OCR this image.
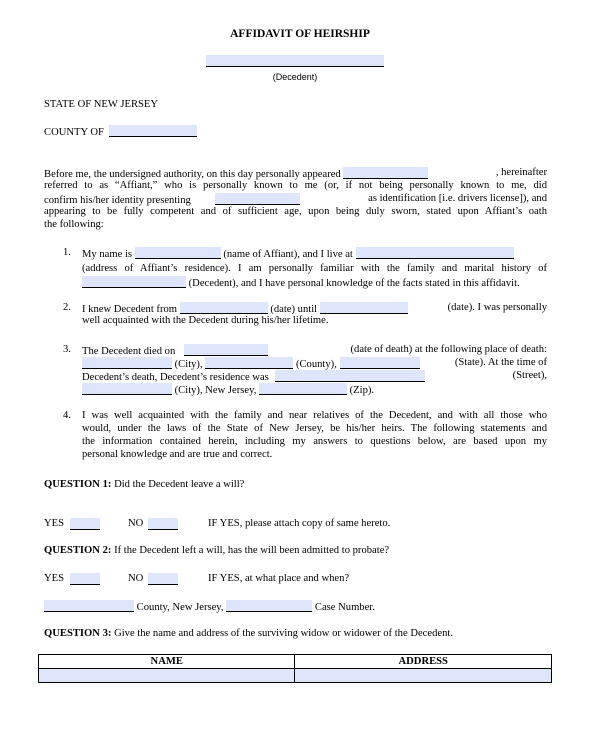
AFFIDAVIT OF HEIRSHIP
(Decedent)
STATE OF NEW JERSEY
COUNTY OF
Before me, the undersigned authority, on this day personally appeared	, hereinafter
referred to as “Affiant,” who is personally known to me (or, if not being personally known to me, did
confirm his/her identity presenting	as identification [i.e. drivers license]), and
appearing to be fully competent and of sufficient age, upon being duly sworn, stated upon Affiant’s oath
the following:
1. My name is	(name of Affiant), and I live at
(address of Affiant’s residence). I am personally familiar with the family and marital history of
(Decedent), and I have personal knowledge of the facts stated in this affidavit.
2. I knew Decedent from	(date) until	(date). I was personally
well acquainted with the Decedent during his/her lifetime.
3. The Decedent died on	(date of death) at the following place of death:
(City),	(County),	(State). At the time of
Decedent’s death, Decedent’s residence was	(Street),
(City), New Jersey,	(Zip).
4. I was well acquainted with the family and near relatives of the Decedent, and with all those who
would, under the laws of the State of New Jersey, be his/her heirs. The following statements and
the information contained herein, including my answers to questions below, are based upon my
personal knowledge and are true and correct.
QUESTION 1: Did the Decedent leave a will?
YES	NO	IF YES, please attach copy of same hereto.
QUESTION 2: If the Decedent left a will, has the will been admitted to probate?
YES	NO	IF YES, at what place and when?
County, New Jersey,	Case Number.
QUESTION 3: Give the name and address of the surviving widow or widower of the Decedent.
NAME	ADDRESS
